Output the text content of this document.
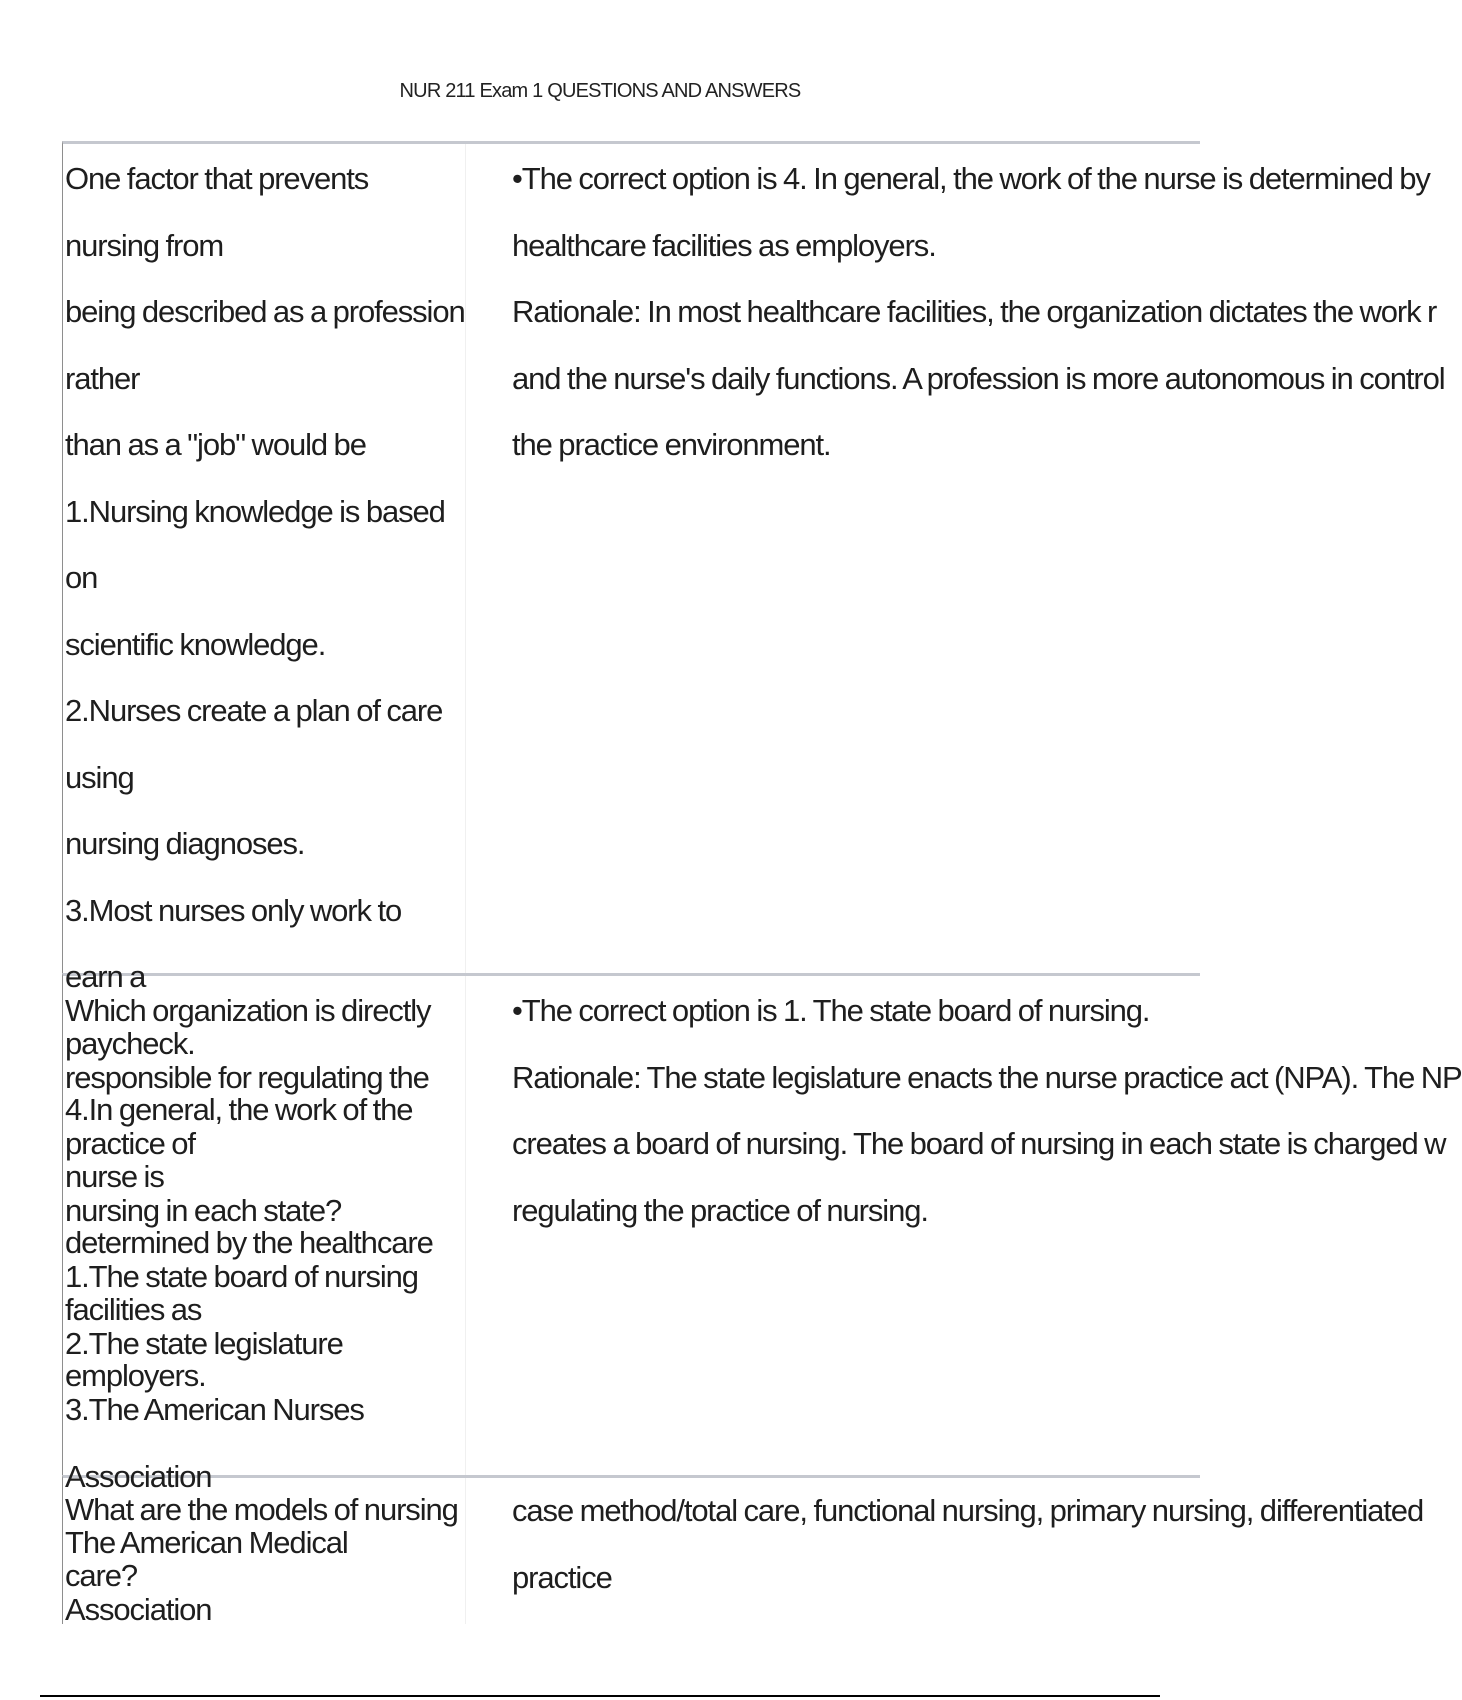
NUR 211 Exam 1 QUESTIONS AND ANSWERS
One factor that prevents nursing from
being described as a profession rather
than as a "job" would be
1.Nursing knowledge is based on
scientific knowledge.
2.Nurses create a plan of care using
nursing diagnoses.
3.Most nurses only work to earn a
paycheck.
4.In general, the work of the nurse is
determined by the healthcare facilities as
employers.
•The correct option is 4. In general, the work of the nurse is determined by
healthcare facilities as employers.
Rationale: In most healthcare facilities, the organization dictates the work r
and the nurse's daily functions. A profession is more autonomous in control
the practice environment.
Which organization is directly
responsible for regulating the practice of
nursing in each state?
1.The state board of nursing
2.The state legislature
3.The American Nurses Association
The American Medical Association
•The correct option is 1. The state board of nursing.
Rationale: The state legislature enacts the nurse practice act (NPA). The NP
creates a board of nursing. The board of nursing in each state is charged w
regulating the practice of nursing.
What are the models of nursing care?
case method/total care, functional nursing, primary nursing, differentiated
practice
